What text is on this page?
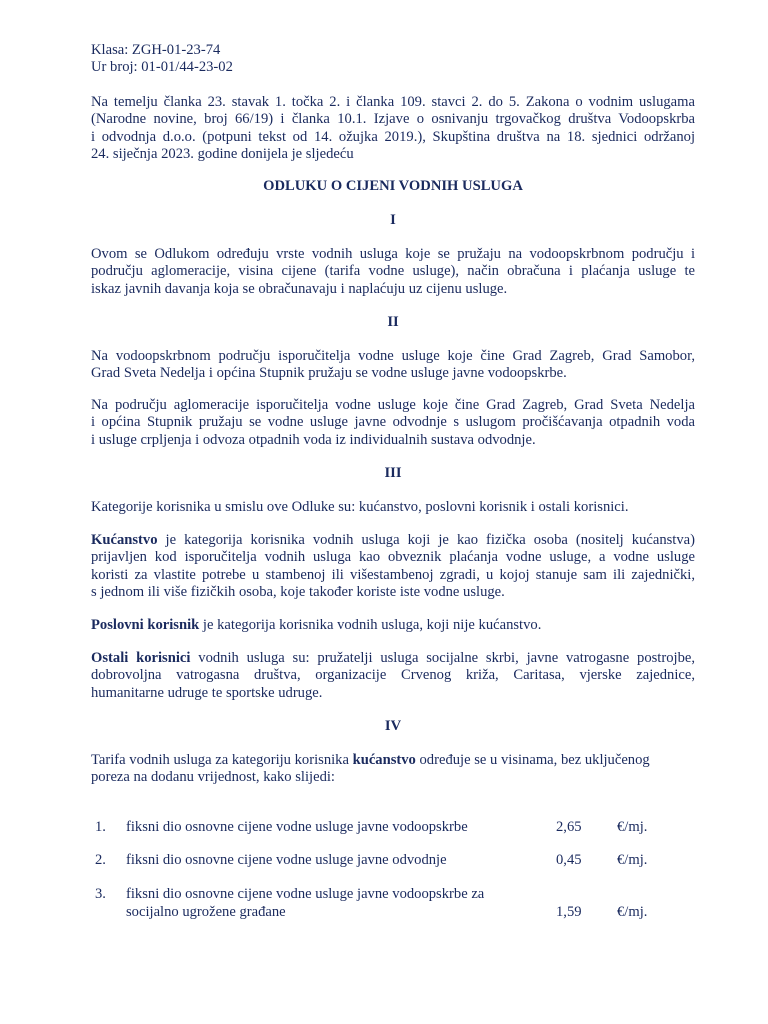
Klasa: ZGH-01-23-74
Ur broj: 01-01/44-23-02
Na temelju članka 23. stavak 1. točka 2. i članka 109. stavci 2. do 5. Zakona o vodnim uslugama
(Narodne novine, broj 66/19) i članka 10.1. Izjave o osnivanju trgovačkog društva Vodoopskrba
i odvodnja d.o.o. (potpuni tekst od 14. ožujka 2019.), Skupština društva na 18. sjednici održanoj
24. siječnja 2023. godine donijela je sljedeću
ODLUKU O CIJENI VODNIH USLUGA
I
Ovom se Odlukom određuju vrste vodnih usluga koje se pružaju na vodoopskrbnom području i
području aglomeracije, visina cijene (tarifa vodne usluge), način obračuna i plaćanja usluge te
iskaz javnih davanja koja se obračunavaju i naplaćuju uz cijenu usluge.
II
Na vodoopskrbnom području isporučitelja vodne usluge koje čine Grad Zagreb, Grad Samobor,
Grad Sveta Nedelja i općina Stupnik pružaju se vodne usluge javne vodoopskrbe.
Na području aglomeracije isporučitelja vodne usluge koje čine Grad Zagreb, Grad Sveta Nedelja
i općina Stupnik pružaju se vodne usluge javne odvodnje s uslugom pročišćavanja otpadnih voda
i usluge crpljenja i odvoza otpadnih voda iz individualnih sustava odvodnje.
III
Kategorije korisnika u smislu ove Odluke su: kućanstvo, poslovni korisnik i ostali korisnici.
Kućanstvo je kategorija korisnika vodnih usluga koji je kao fizička osoba (nositelj kućanstva)
prijavljen kod isporučitelja vodnih usluga kao obveznik plaćanja vodne usluge, a vodne usluge
koristi za vlastite potrebe u stambenoj ili višestambenoj zgradi, u kojoj stanuje sam ili zajednički,
s jednom ili više fizičkih osoba, koje također koriste iste vodne usluge.
Poslovni korisnik je kategorija korisnika vodnih usluga, koji nije kućanstvo.
Ostali korisnici vodnih usluga su: pružatelji usluga socijalne skrbi, javne vatrogasne postrojbe,
dobrovoljna vatrogasna društva, organizacije Crvenog križa, Caritasa, vjerske zajednice,
humanitarne udruge te sportske udruge.
IV
Tarifa vodnih usluga za kategoriju korisnika kućanstvo određuje se u visinama, bez uključenog
poreza na dodanu vrijednost, kako slijedi:
1. fiksni dio osnovne cijene vodne usluge javne vodoopskrbe	2,65 €/mj.
2. fiksni dio osnovne cijene vodne usluge javne odvodnje	0,45 €/mj.
3. fiksni dio osnovne cijene vodne usluge javne vodoopskrbe za
socijalno ugrožene građane	1,59 €/mj.
